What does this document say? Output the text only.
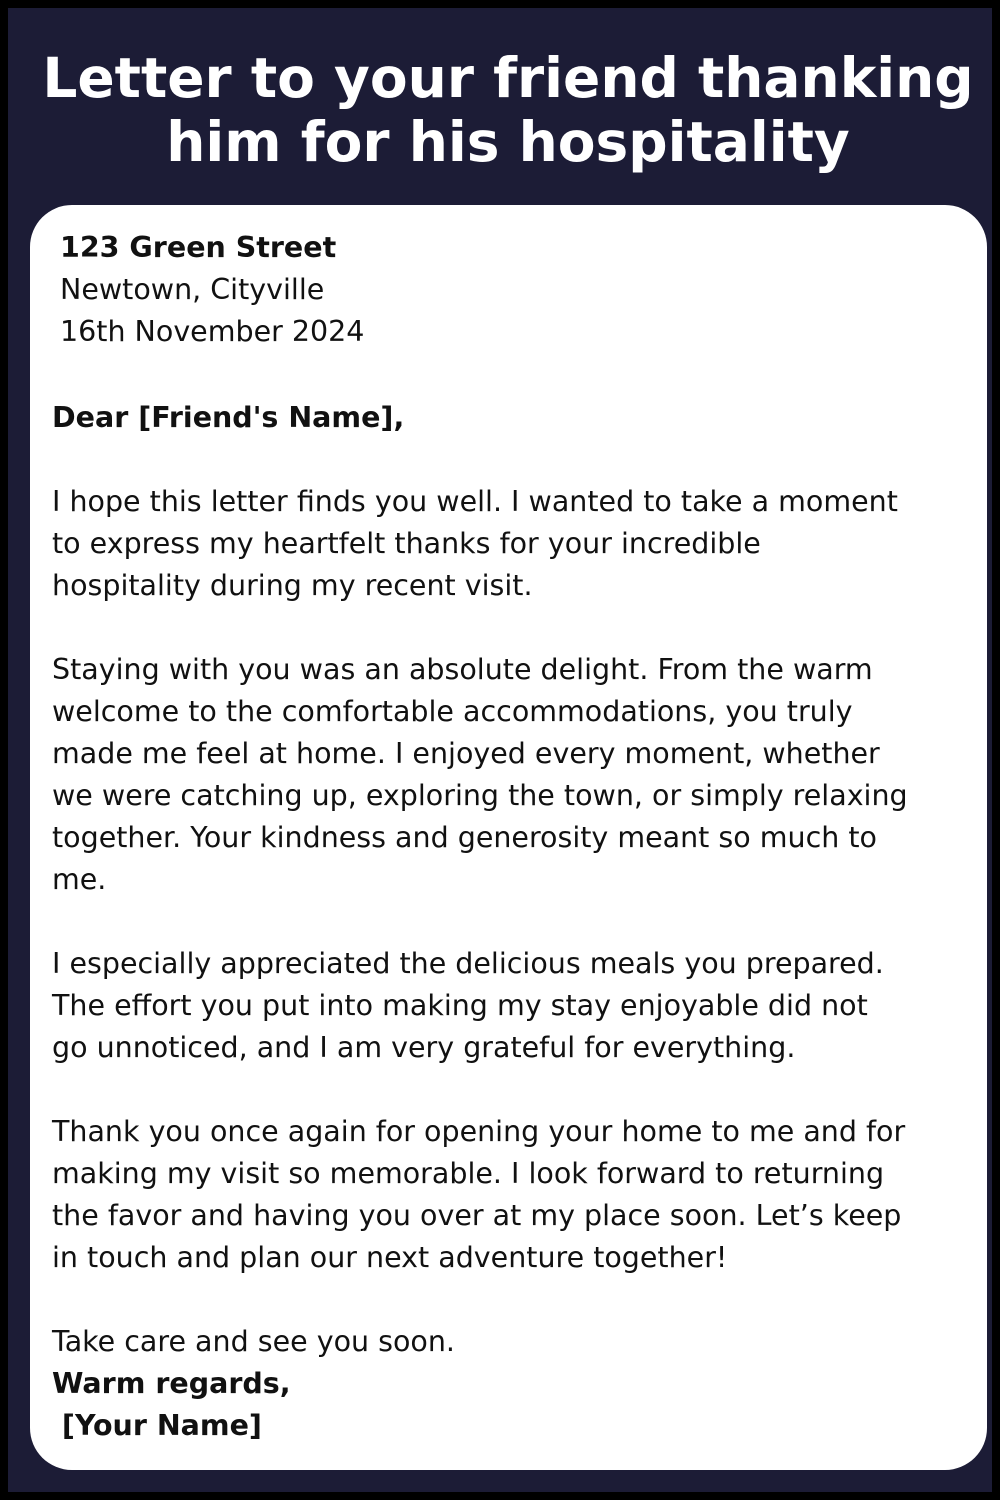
Letter to your friend thanking
him for his hospitality
123 Green Street
Newtown, Cityville
16th November 2024
Dear [Friend's Name],
I hope this letter finds you well. I wanted to take a moment
to express my heartfelt thanks for your incredible
hospitality during my recent visit.
Staying with you was an absolute delight. From the warm
welcome to the comfortable accommodations, you truly
made me feel at home. I enjoyed every moment, whether
we were catching up, exploring the town, or simply relaxing
together. Your kindness and generosity meant so much to
me.
I especially appreciated the delicious meals you prepared.
The effort you put into making my stay enjoyable did not
go unnoticed, and I am very grateful for everything.
Thank you once again for opening your home to me and for
making my visit so memorable. I look forward to returning
the favor and having you over at my place soon. Let’s keep
in touch and plan our next adventure together!
Take care and see you soon.
Warm regards,
[Your Name]
